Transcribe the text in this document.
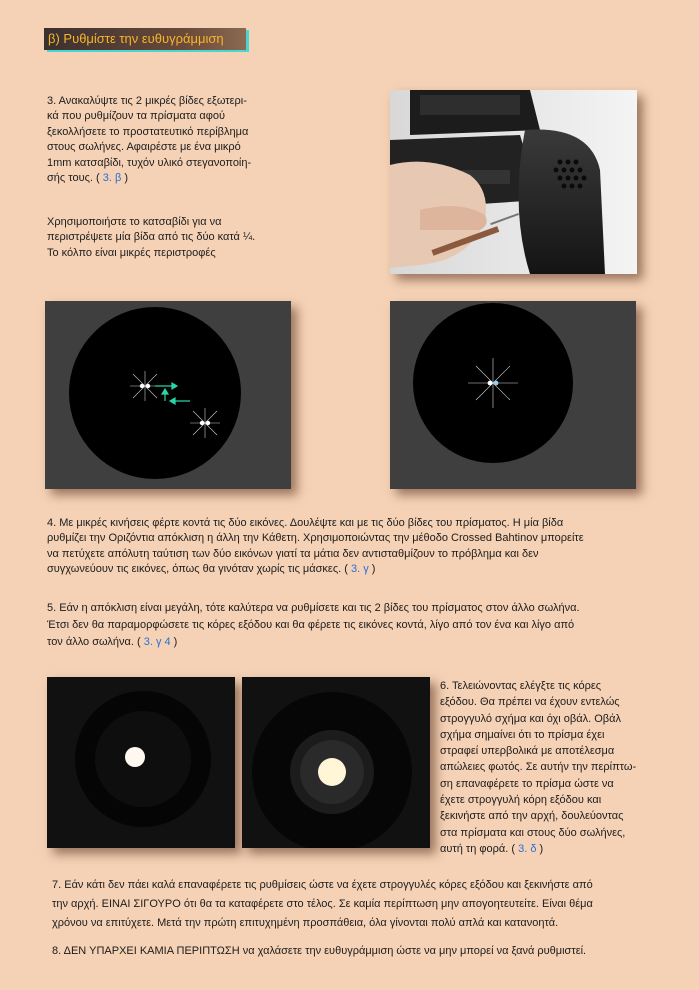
β) Ρυθμίστε την ευθυγράμμιση
3. Ανακαλύψτε τις 2 μικρές βίδες εξωτερι-
κά που ρυθμίζουν τα πρίσματα αφού
ξεκολλήσετε το προστατευτικό περίβλημα
στους σωλήνες. Αφαιρέστε με ένα μικρό
1mm κατσαβίδι, τυχόν υλικό στεγανοποίη-
σής τους. ( 3. β )
Χρησιμοποιήστε το κατσαβίδι για να
περιστρέψετε μία βίδα από τις δύο κατά ¼.
Το κόλπο είναι μικρές περιστροφές
4. Με μικρές κινήσεις φέρτε κοντά τις δύο εικόνες. Δουλέψτε και με τις δύο βίδες του πρίσματος. Η μία βίδα
ρυθμίζει την Οριζόντια απόκλιση η άλλη την Κάθετη. Χρησιμοποιώντας την μέθοδο Crossed Bahtinov μπορείτε
να πετύχετε απόλυτη ταύτιση των δύο εικόνων γιατί τα μάτια δεν αντισταθμίζουν το πρόβλημα και δεν
συγχωνεύουν τις εικόνες, όπως θα γινόταν χωρίς τις μάσκες. ( 3. γ )
5. Εάν η απόκλιση είναι μεγάλη, τότε καλύτερα να ρυθμίσετε και τις 2 βίδες του πρίσματος στον άλλο σωλήνα.
Έτσι δεν θα παραμορφώσετε τις κόρες εξόδου και θα φέρετε τις εικόνες κοντά, λίγο από τον ένα και λίγο από
τον άλλο σωλήνα. ( 3. γ 4 )
6. Τελειώνοντας ελέγξτε τις κόρες
εξόδου. Θα πρέπει να έχουν εντελώς
στρογγυλό σχήμα και όχι οβάλ. Οβάλ
σχήμα σημαίνει ότι το πρίσμα έχει
στραφεί υπερβολικά με αποτέλεσμα
απώλειες φωτός. Σε αυτήν την περίπτω-
ση επαναφέρετε το πρίσμα ώστε να
έχετε στρογγυλή κόρη εξόδου και
ξεκινήστε από την αρχή, δουλεύοντας
στα πρίσματα και στους δύο σωλήνες,
αυτή τη φορά. ( 3. δ )
7. Εάν κάτι δεν πάει καλά επαναφέρετε τις ρυθμίσεις ώστε να έχετε στρογγυλές κόρες εξόδου και ξεκινήστε από
την αρχή. ΕΙΝΑΙ ΣΙΓΟΥΡΟ ότι θα τα καταφέρετε στο τέλος. Σε καμία περίπτωση μην απογοητευτείτε. Είναι θέμα
χρόνου να επιτύχετε. Μετά την πρώτη επιτυχημένη προσπάθεια, όλα γίνονται πολύ απλά και κατανοητά.
8. ΔΕΝ ΥΠΑΡΧΕΙ ΚΑΜΙΑ ΠΕΡΙΠΤΩΣΗ να χαλάσετε την ευθυγράμμιση ώστε να μην μπορεί να ξανά ρυθμιστεί.
